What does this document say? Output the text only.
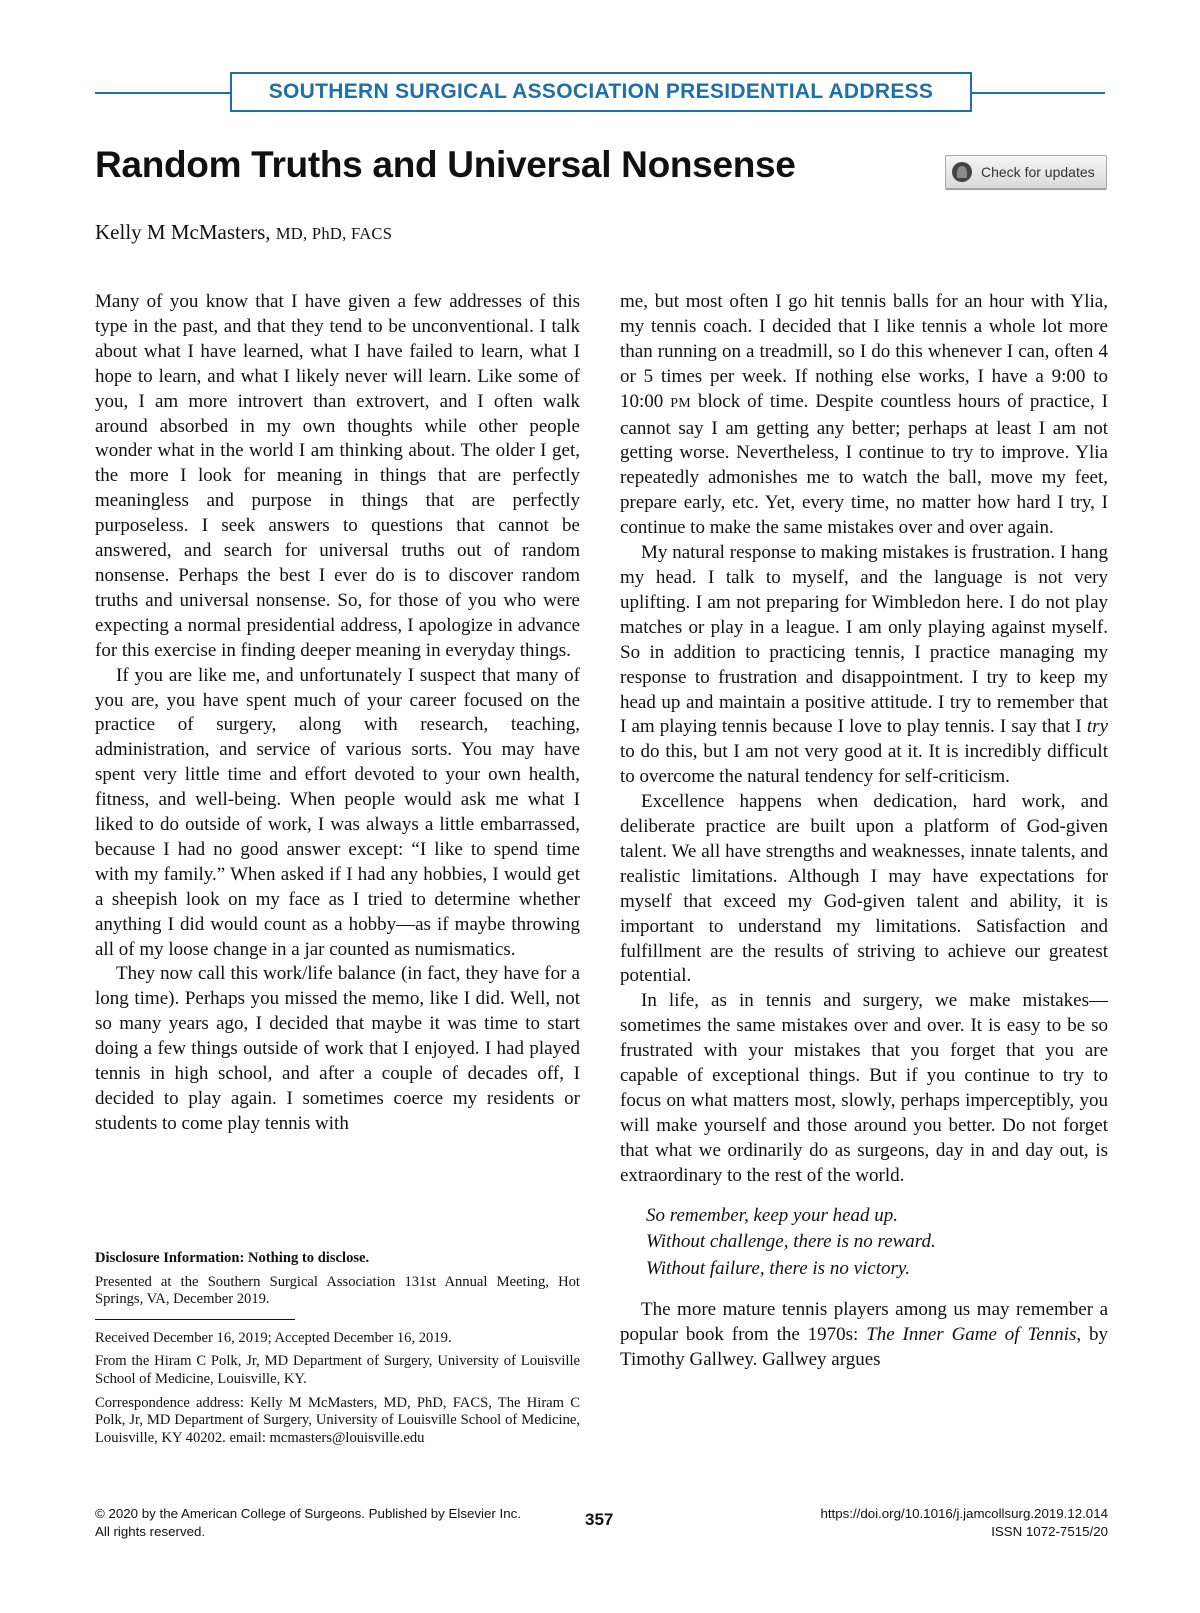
SOUTHERN SURGICAL ASSOCIATION PRESIDENTIAL ADDRESS
Random Truths and Universal Nonsense	Check for updates
Kelly M McMasters, MD, PhD, FACS

Many of you know that I have given a few addresses of this type in the past, and that they tend to be unconventional. I talk about what I have learned, what I have failed to learn, what I hope to learn, and what I likely never will learn. Like some of you, I am more introvert than extrovert, and I often walk around absorbed in my own thoughts while other people wonder what in the world I am thinking about. The older I get, the more I look for meaning in things that are perfectly meaningless and purpose in things that are perfectly purposeless. I seek answers to questions that cannot be answered, and search for universal truths out of random nonsense. Perhaps the best I ever do is to discover random truths and universal nonsense. So, for those of you who were expecting a normal presidential address, I apologize in advance for this exercise in finding deeper meaning in everyday things.

If you are like me, and unfortunately I suspect that many of you are, you have spent much of your career focused on the practice of surgery, along with research, teaching, administration, and service of various sorts. You may have spent very little time and effort devoted to your own health, fitness, and well-being. When people would ask me what I liked to do outside of work, I was always a little embarrassed, because I had no good answer except: “I like to spend time with my family.” When asked if I had any hobbies, I would get a sheepish look on my face as I tried to determine whether anything I did would count as a hobby—as if maybe throwing all of my loose change in a jar counted as numismatics.

They now call this work/life balance (in fact, they have for a long time). Perhaps you missed the memo, like I did. Well, not so many years ago, I decided that maybe it was time to start doing a few things outside of work that I enjoyed. I had played tennis in high school, and after a couple of decades off, I decided to play again. I sometimes coerce my residents or students to come play tennis with

me, but most often I go hit tennis balls for an hour with Ylia, my tennis coach. I decided that I like tennis a whole lot more than running on a treadmill, so I do this whenever I can, often 4 or 5 times per week. If nothing else works, I have a 9:00 to 10:00 PM block of time. Despite countless hours of practice, I cannot say I am getting any better; perhaps at least I am not getting worse. Nevertheless, I continue to try to improve. Ylia repeatedly admonishes me to watch the ball, move my feet, prepare early, etc. Yet, every time, no matter how hard I try, I continue to make the same mistakes over and over again.

My natural response to making mistakes is frustration. I hang my head. I talk to myself, and the language is not very uplifting. I am not preparing for Wimbledon here. I do not play matches or play in a league. I am only playing against myself. So in addition to practicing tennis, I practice managing my response to frustration and disappointment. I try to keep my head up and maintain a positive attitude. I try to remember that I am playing tennis because I love to play tennis. I say that I try to do this, but I am not very good at it. It is incredibly difficult to overcome the natural tendency for self-criticism.

Excellence happens when dedication, hard work, and deliberate practice are built upon a platform of God-given talent. We all have strengths and weaknesses, innate talents, and realistic limitations. Although I may have expectations for myself that exceed my God-given talent and ability, it is important to understand my limitations. Satisfaction and fulfillment are the results of striving to achieve our greatest potential.

In life, as in tennis and surgery, we make mistakes—sometimes the same mistakes over and over. It is easy to be so frustrated with your mistakes that you forget that you are capable of exceptional things. But if you continue to try to focus on what matters most, slowly, perhaps imperceptibly, you will make yourself and those around you better. Do not forget that what we ordinarily do as surgeons, day in and day out, is extraordinary to the rest of the world.

So remember, keep your head up.
Without challenge, there is no reward.
Without failure, there is no victory.

The more mature tennis players among us may remember a popular book from the 1970s: The Inner Game of Tennis, by Timothy Gallwey. Gallwey argues

Disclosure Information: Nothing to disclose.

Presented at the Southern Surgical Association 131st Annual Meeting, Hot Springs, VA, December 2019.

Received December 16, 2019; Accepted December 16, 2019.

From the Hiram C Polk, Jr, MD Department of Surgery, University of Louisville School of Medicine, Louisville, KY.

Correspondence address: Kelly M McMasters, MD, PhD, FACS, The Hiram C Polk, Jr, MD Department of Surgery, University of Louisville School of Medicine, Louisville, KY 40202. email: mcmasters@louisville.edu

© 2020 by the American College of Surgeons. Published by Elsevier Inc.
All rights reserved.
357	https://doi.org/10.1016/j.jamcollsurg.2019.12.014
ISSN 1072-7515/20
